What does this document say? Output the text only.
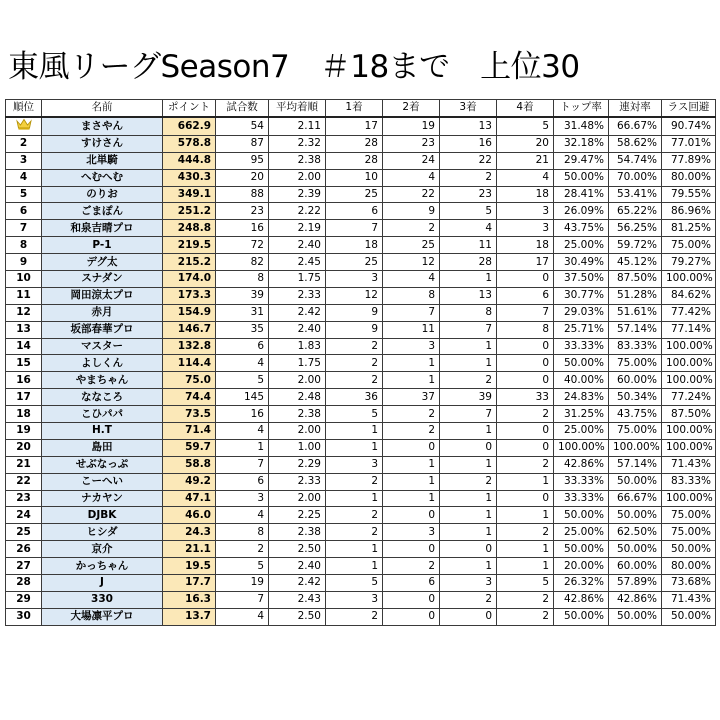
東風リーグSeason7　＃18まで　上位30
順位	名前	ポイント	試合数	平均着順	1着	2着	3着	4着	トップ率	連対率	ラス回避
	まさやん	662.9	54	2.11	17	19	13	5	31.48%	66.67%	90.74%
2	すけさん	578.8	87	2.32	28	23	16	20	32.18%	58.62%	77.01%
3	北単騎	444.8	95	2.38	28	24	22	21	29.47%	54.74%	77.89%
4	へむへむ	430.3	20	2.00	10	4	2	4	50.00%	70.00%	80.00%
5	のりお	349.1	88	2.39	25	22	23	18	28.41%	53.41%	79.55%
6	ごまぽん	251.2	23	2.22	6	9	5	3	26.09%	65.22%	86.96%
7	和泉吉晴プロ	248.8	16	2.19	7	2	4	3	43.75%	56.25%	81.25%
8	P-1	219.5	72	2.40	18	25	11	18	25.00%	59.72%	75.00%
9	デグ太	215.2	82	2.45	25	12	28	17	30.49%	45.12%	79.27%
10	スナダン	174.0	8	1.75	3	4	1	0	37.50%	87.50%	100.00%
11	岡田涼太プロ	173.3	39	2.33	12	8	13	6	30.77%	51.28%	84.62%
12	赤月	154.9	31	2.42	9	7	8	7	29.03%	51.61%	77.42%
13	坂部春華プロ	146.7	35	2.40	9	11	7	8	25.71%	57.14%	77.14%
14	マスター	132.8	6	1.83	2	3	1	0	33.33%	83.33%	100.00%
15	よしくん	114.4	4	1.75	2	1	1	0	50.00%	75.00%	100.00%
16	やまちゃん	75.0	5	2.00	2	1	2	0	40.00%	60.00%	100.00%
17	ななころ	74.4	145	2.48	36	37	39	33	24.83%	50.34%	77.24%
18	こひパパ	73.5	16	2.38	5	2	7	2	31.25%	43.75%	87.50%
19	H.T	71.4	4	2.00	1	2	1	0	25.00%	75.00%	100.00%
20	島田	59.7	1	1.00	1	0	0	0	100.00%	100.00%	100.00%
21	せぶなっぷ	58.8	7	2.29	3	1	1	2	42.86%	57.14%	71.43%
22	こーへい	49.2	6	2.33	2	1	2	1	33.33%	50.00%	83.33%
23	ナカヤン	47.1	3	2.00	1	1	1	0	33.33%	66.67%	100.00%
24	DJBK	46.0	4	2.25	2	0	1	1	50.00%	50.00%	75.00%
25	ヒシダ	24.3	8	2.38	2	3	1	2	25.00%	62.50%	75.00%
26	京介	21.1	2	2.50	1	0	0	1	50.00%	50.00%	50.00%
27	かっちゃん	19.5	5	2.40	1	2	1	1	20.00%	60.00%	80.00%
28	J	17.7	19	2.42	5	6	3	5	26.32%	57.89%	73.68%
29	330	16.3	7	2.43	3	0	2	2	42.86%	42.86%	71.43%
30	大場凛平プロ	13.7	4	2.50	2	0	0	2	50.00%	50.00%	50.00%
